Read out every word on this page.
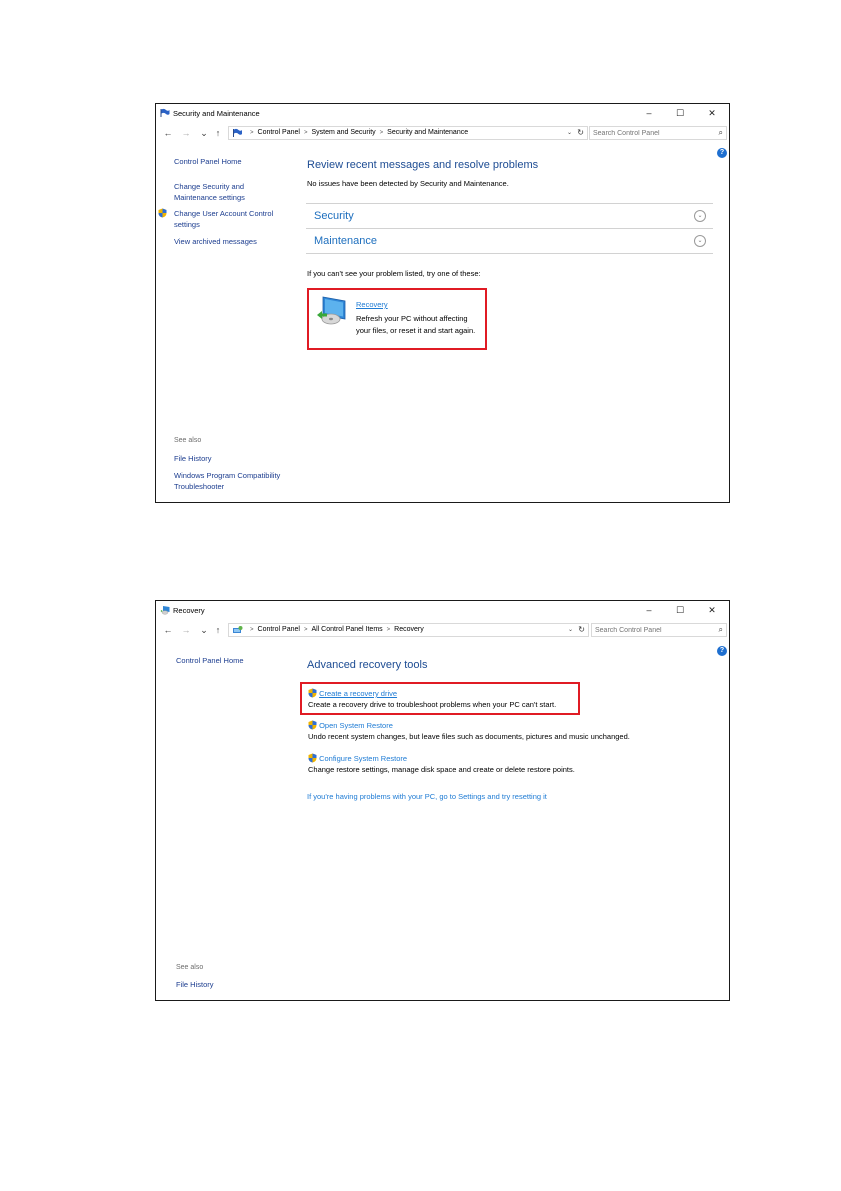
Security and Maintenance	–	☐	✕
← → ⌄ ↑	> Control Panel > System and Security > Security and Maintenance	⌄ ↻
Search Control Panel	⌕
?
Control Panel Home
Change Security and Maintenance settings
Change User Account Control settings
View archived messages
See also
File History
Windows Program Compatibility Troubleshooter
Review recent messages and resolve problems
No issues have been detected by Security and Maintenance.
Security	⌄
Maintenance	⌄
If you can't see your problem listed, try one of these:
Recovery
Refresh your PC without affecting
your files, or reset it and start again.
Recovery	–	☐	✕
← → ⌄ ↑	> Control Panel > All Control Panel Items > Recovery	⌄ ↻
Search Control Panel	⌕
?
Control Panel Home
See also
File History
Advanced recovery tools
Create a recovery drive
Create a recovery drive to troubleshoot problems when your PC can't start.
Open System Restore
Undo recent system changes, but leave files such as documents, pictures and music unchanged.
Configure System Restore
Change restore settings, manage disk space and create or delete restore points.
If you're having problems with your PC, go to Settings and try resetting it
